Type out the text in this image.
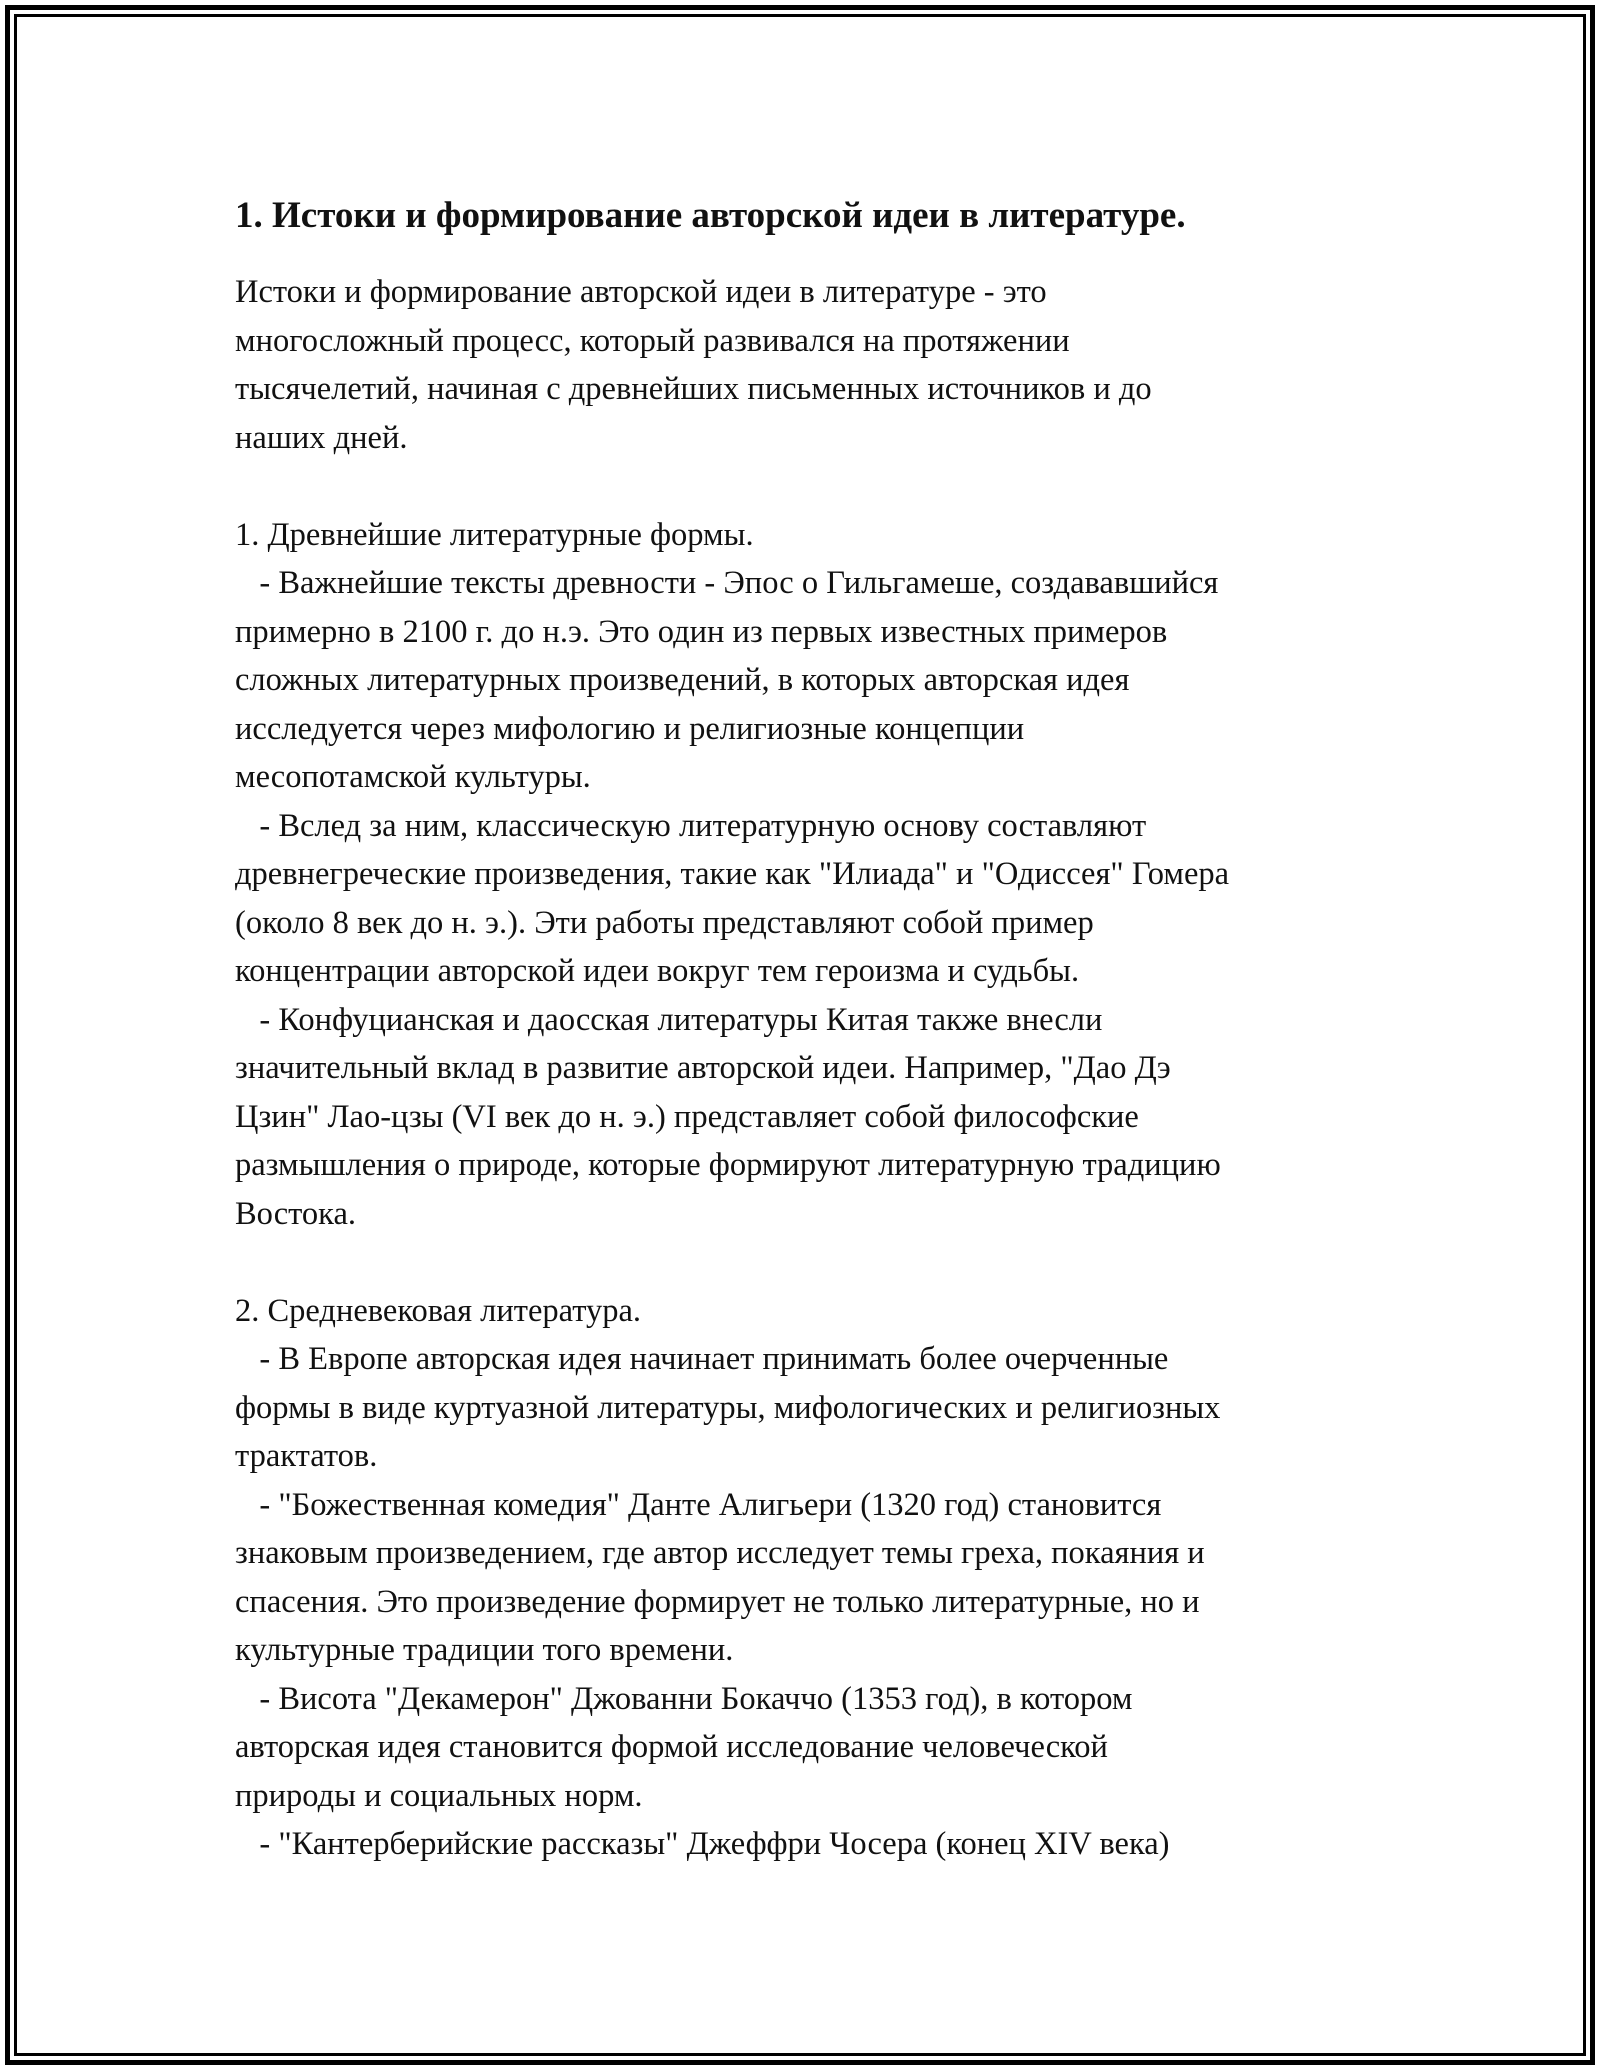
1. Истоки и формирование авторской идеи в литературе.
Истоки и формирование авторской идеи в литературе - это
многосложный процесс, который развивался на протяжении
тысячелетий, начиная с древнейших письменных источников и до
наших дней.
1. Древнейшие литературные формы.
- Важнейшие тексты древности - Эпос о Гильгамеше, создававшийся
примерно в 2100 г. до н.э. Это один из первых известных примеров
сложных литературных произведений, в которых авторская идея
исследуется через мифологию и религиозные концепции
месопотамской культуры.
- Вслед за ним, классическую литературную основу составляют
древнегреческие произведения, такие как "Илиада" и "Одиссея" Гомера
(около 8 век до н. э.). Эти работы представляют собой пример
концентрации авторской идеи вокруг тем героизма и судьбы.
- Конфуцианская и даосская литературы Китая также внесли
значительный вклад в развитие авторской идеи. Например, "Дао Дэ
Цзин" Лао-цзы (VI век до н. э.) представляет собой философские
размышления о природе, которые формируют литературную традицию
Востока.
2. Средневековая литература.
- В Европе авторская идея начинает принимать более очерченные
формы в виде куртуазной литературы, мифологических и религиозных
трактатов.
- "Божественная комедия" Данте Алигьери (1320 год) становится
знаковым произведением, где автор исследует темы греха, покаяния и
спасения. Это произведение формирует не только литературные, но и
культурные традиции того времени.
- Висота "Декамерон" Джованни Бокаччо (1353 год), в котором
авторская идея становится формой исследование человеческой
природы и социальных норм.
- "Кантерберийские рассказы" Джеффри Чосера (конец XIV века)
